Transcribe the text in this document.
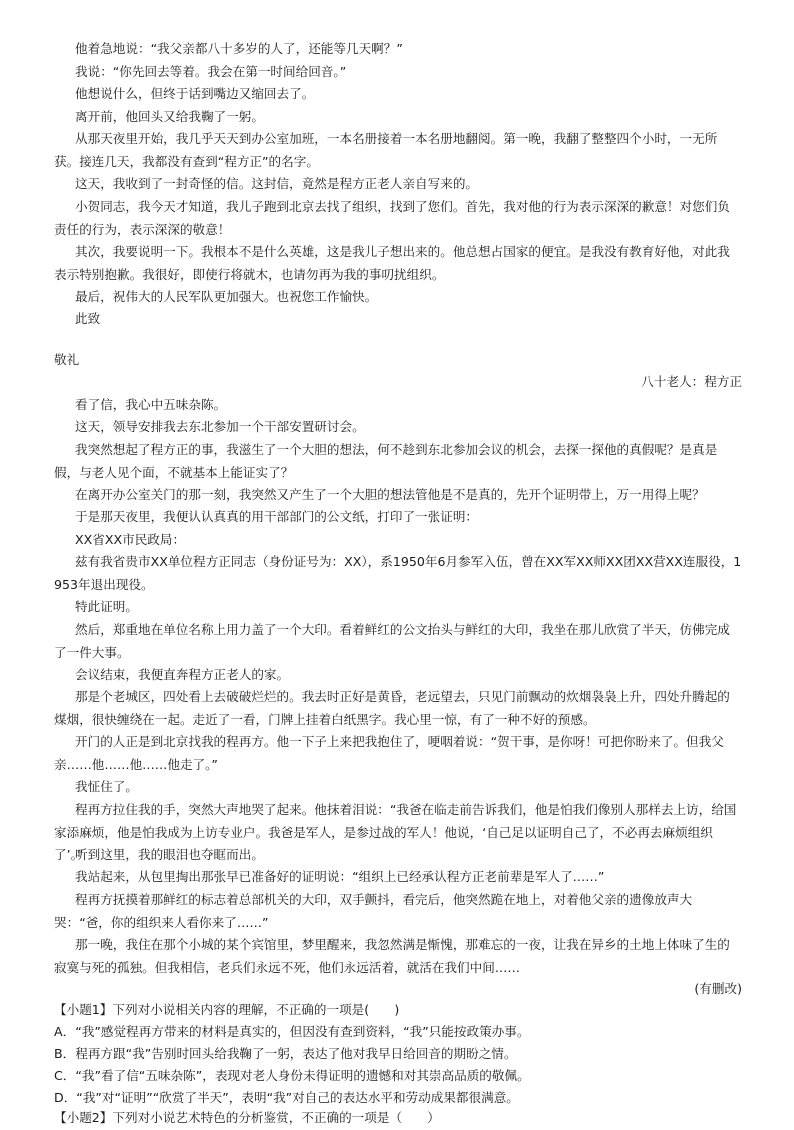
他着急地说：“我父亲都八十多岁的人了，还能等几天啊？”
我说：“你先回去等着。我会在第一时间给回音。”
他想说什么，但终于话到嘴边又缩回去了。
离开前，他回头又给我鞠了一躬。
从那天夜里开始，我几乎天天到办公室加班，一本名册接着一本名册地翻阅。第一晚，我翻了整整四个小时，一无所获。接连几天，我都没有查到“程方正”的名字。
这天，我收到了一封奇怪的信。这封信，竟然是程方正老人亲自写来的。
小贺同志，我今天才知道，我儿子跑到北京去找了组织，找到了您们。首先，我对他的行为表示深深的歉意！对您们负责任的行为，表示深深的敬意！
其次，我要说明一下。我根本不是什么英雄，这是我儿子想出来的。他总想占国家的便宜。是我没有教育好他，对此我表示特别抱歉。我很好，即使行将就木，也请勿再为我的事叨扰组织。
最后，祝伟大的人民军队更加强大。也祝您工作愉快。
此致
敬礼
八十老人：程方正
看了信，我心中五味杂陈。
这天，领导安排我去东北参加一个干部安置研讨会。
我突然想起了程方正的事，我滋生了一个大胆的想法，何不趁到东北参加会议的机会，去探一探他的真假呢？是真是假，与老人见个面，不就基本上能证实了？
在离开办公室关门的那一刻，我突然又产生了一个大胆的想法管他是不是真的，先开个证明带上，万一用得上呢？
于是那天夜里，我便认认真真的用干部部门的公文纸，打印了一张证明：
XX省XX市民政局：
兹有我省贵市XX单位程方正同志（身份证号为：XX），系1950年6月参军入伍，曾在XX军XX师XX团XX营XX连服役，1953年退出现役。
特此证明。
然后，郑重地在单位名称上用力盖了一个大印。看着鲜红的公文抬头与鲜红的大印，我坐在那儿欣赏了半天，仿佛完成了一件大事。
会议结束，我便直奔程方正老人的家。
那是个老城区，四处看上去破破烂烂的。我去时正好是黄昏，老远望去，只见门前飘动的炊烟袅袅上升，四处升腾起的煤烟，很快缠绕在一起。走近了一看，门牌上挂着白纸黑字。我心里一惊，有了一种不好的预感。
开门的人正是到北京找我的程再方。他一下子上来把我抱住了，哽咽着说：“贺干事，是你呀！可把你盼来了。但我父亲……他……他……他走了。”
我怔住了。
程再方拉住我的手，突然大声地哭了起来。他抹着泪说：“我爸在临走前告诉我们，他是怕我们像别人那样去上访，给国家添麻烦，他是怕我成为上访专业户。我爸是军人，是参过战的军人！他说，‘自己足以证明自己了，不必再去麻烦组织了’。”
听到这里，我的眼泪也夺眶而出。
我站起来，从包里掏出那张早已准备好的证明说：“组织上已经承认程方正老前辈是军人了……”
程再方抚摸着那鲜红的标志着总部机关的大印，双手颤抖，看完后，他突然跪在地上，对着他父亲的遗像放声大哭：“爸，你的组织来人看你来了……”
那一晚，我住在那个小城的某个宾馆里，梦里醒来，我忽然满是惭愧，那难忘的一夜，让我在异乡的土地上体味了生的寂寞与死的孤独。但我相信，老兵们永远不死，他们永远活着，就活在我们中间……
(有删改)
【小题1】下列对小说相关内容的理解，不正确的一项是(　　)
A．“我”感觉程再方带来的材料是真实的，但因没有查到资料，“我”只能按政策办事。
B．程再方跟“我”告别时回头给我鞠了一躬，表达了他对我早日给回音的期盼之情。
C．“我”看了信“五味杂陈”，表现对老人身份未得证明的遗憾和对其崇高品质的敬佩。
D．“我”对“证明”“欣赏了半天”，表明“我”对自己的表达水平和劳动成果都很满意。
【小题2】下列对小说艺术特色的分析鉴赏，不正确的一项是（　　）
